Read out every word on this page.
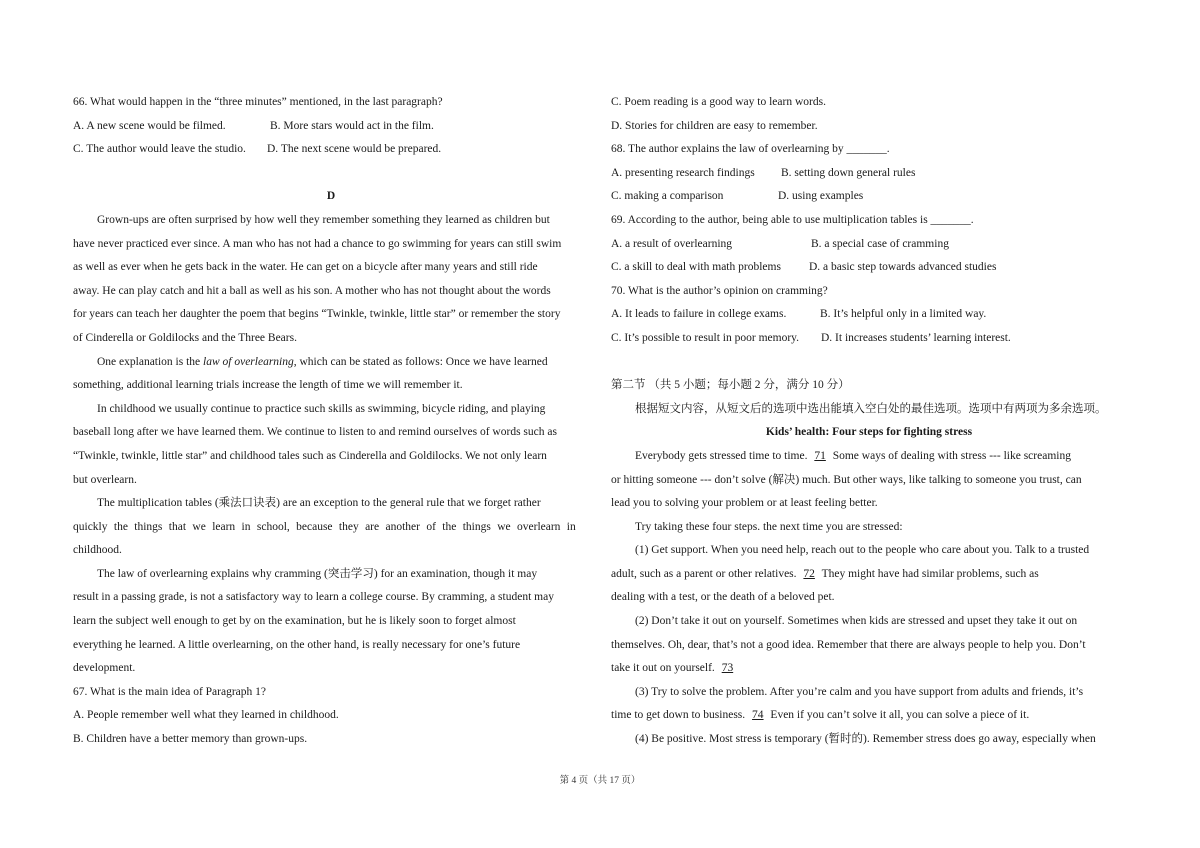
66. What would happen in the “three minutes” mentioned, in the last paragraph?
A. A new scene would be filmed.	B. More stars would act in the film.
C. The author would leave the studio.	D. The next scene would be prepared.
D
Grown-ups are often surprised by how well they remember something they learned as children but
have never practiced ever since. A man who has not had a chance to go swimming for years can still swim
as well as ever when he gets back in the water. He can get on a bicycle after many years and still ride
away. He can play catch and hit a ball as well as his son. A mother who has not thought about the words
for years can teach her daughter the poem that begins “Twinkle, twinkle, little star” or remember the story
of Cinderella or Goldilocks and the Three Bears.
One explanation is the law of overlearning, which can be stated as follows: Once we have learned
something, additional learning trials increase the length of time we will remember it.
In childhood we usually continue to practice such skills as swimming, bicycle riding, and playing
baseball long after we have learned them. We continue to listen to and remind ourselves of words such as
“Twinkle, twinkle, little star” and childhood tales such as Cinderella and Goldilocks. We not only learn
but overlearn.
The multiplication tables (乘法口诀表) are an exception to the general rule that we forget rather
quickly the things that we learn in school, because they are another of the things we overlearn in
childhood.
The law of overlearning explains why cramming (突击学习) for an examination, though it may
result in a passing grade, is not a satisfactory way to learn a college course. By cramming, a student may
learn the subject well enough to get by on the examination, but he is likely soon to forget almost
everything he learned. A little overlearning, on the other hand, is really necessary for one’s future
development.
67. What is the main idea of Paragraph 1?
A. People remember well what they learned in childhood.
B. Children have a better memory than grown-ups.
C. Poem reading is a good way to learn words.
D. Stories for children are easy to remember.
68. The author explains the law of overlearning by _______.
A. presenting research findings	B. setting down general rules
C. making a comparison	D. using examples
69. According to the author, being able to use multiplication tables is _______.
A. a result of overlearning	B. a special case of cramming
C. a skill to deal with math problems	D. a basic step towards advanced studies
70. What is the author’s opinion on cramming?
A. It leads to failure in college exams.	B. It’s helpful only in a limited way.
C. It’s possible to result in poor memory.	D. It increases students’ learning interest.
第二节 （共 5 小题；每小题 2 分，满分 10 分）
根据短文内容，从短文后的选项中选出能填入空白处的最佳选项。选项中有两项为多余选项。
Kids’ health: Four steps for fighting stress
Everybody gets stressed time to time. 71 Some ways of dealing with stress --- like screaming
or hitting someone --- don’t solve (解决) much. But other ways, like talking to someone you trust, can
lead you to solving your problem or at least feeling better.
Try taking these four steps. the next time you are stressed:
(1) Get support. When you need help, reach out to the people who care about you. Talk to a trusted
adult, such as a parent or other relatives. 72 They might have had similar problems, such as
dealing with a test, or the death of a beloved pet.
(2) Don’t take it out on yourself. Sometimes when kids are stressed and upset they take it out on
themselves. Oh, dear, that’s not a good idea. Remember that there are always people to help you. Don’t
take it out on yourself. 73
(3) Try to solve the problem. After you’re calm and you have support from adults and friends, it’s
time to get down to business. 74 Even if you can’t solve it all, you can solve a piece of it.
(4) Be positive. Most stress is temporary (暂时的). Remember stress does go away, especially when
第 4 页（共 17 页）
